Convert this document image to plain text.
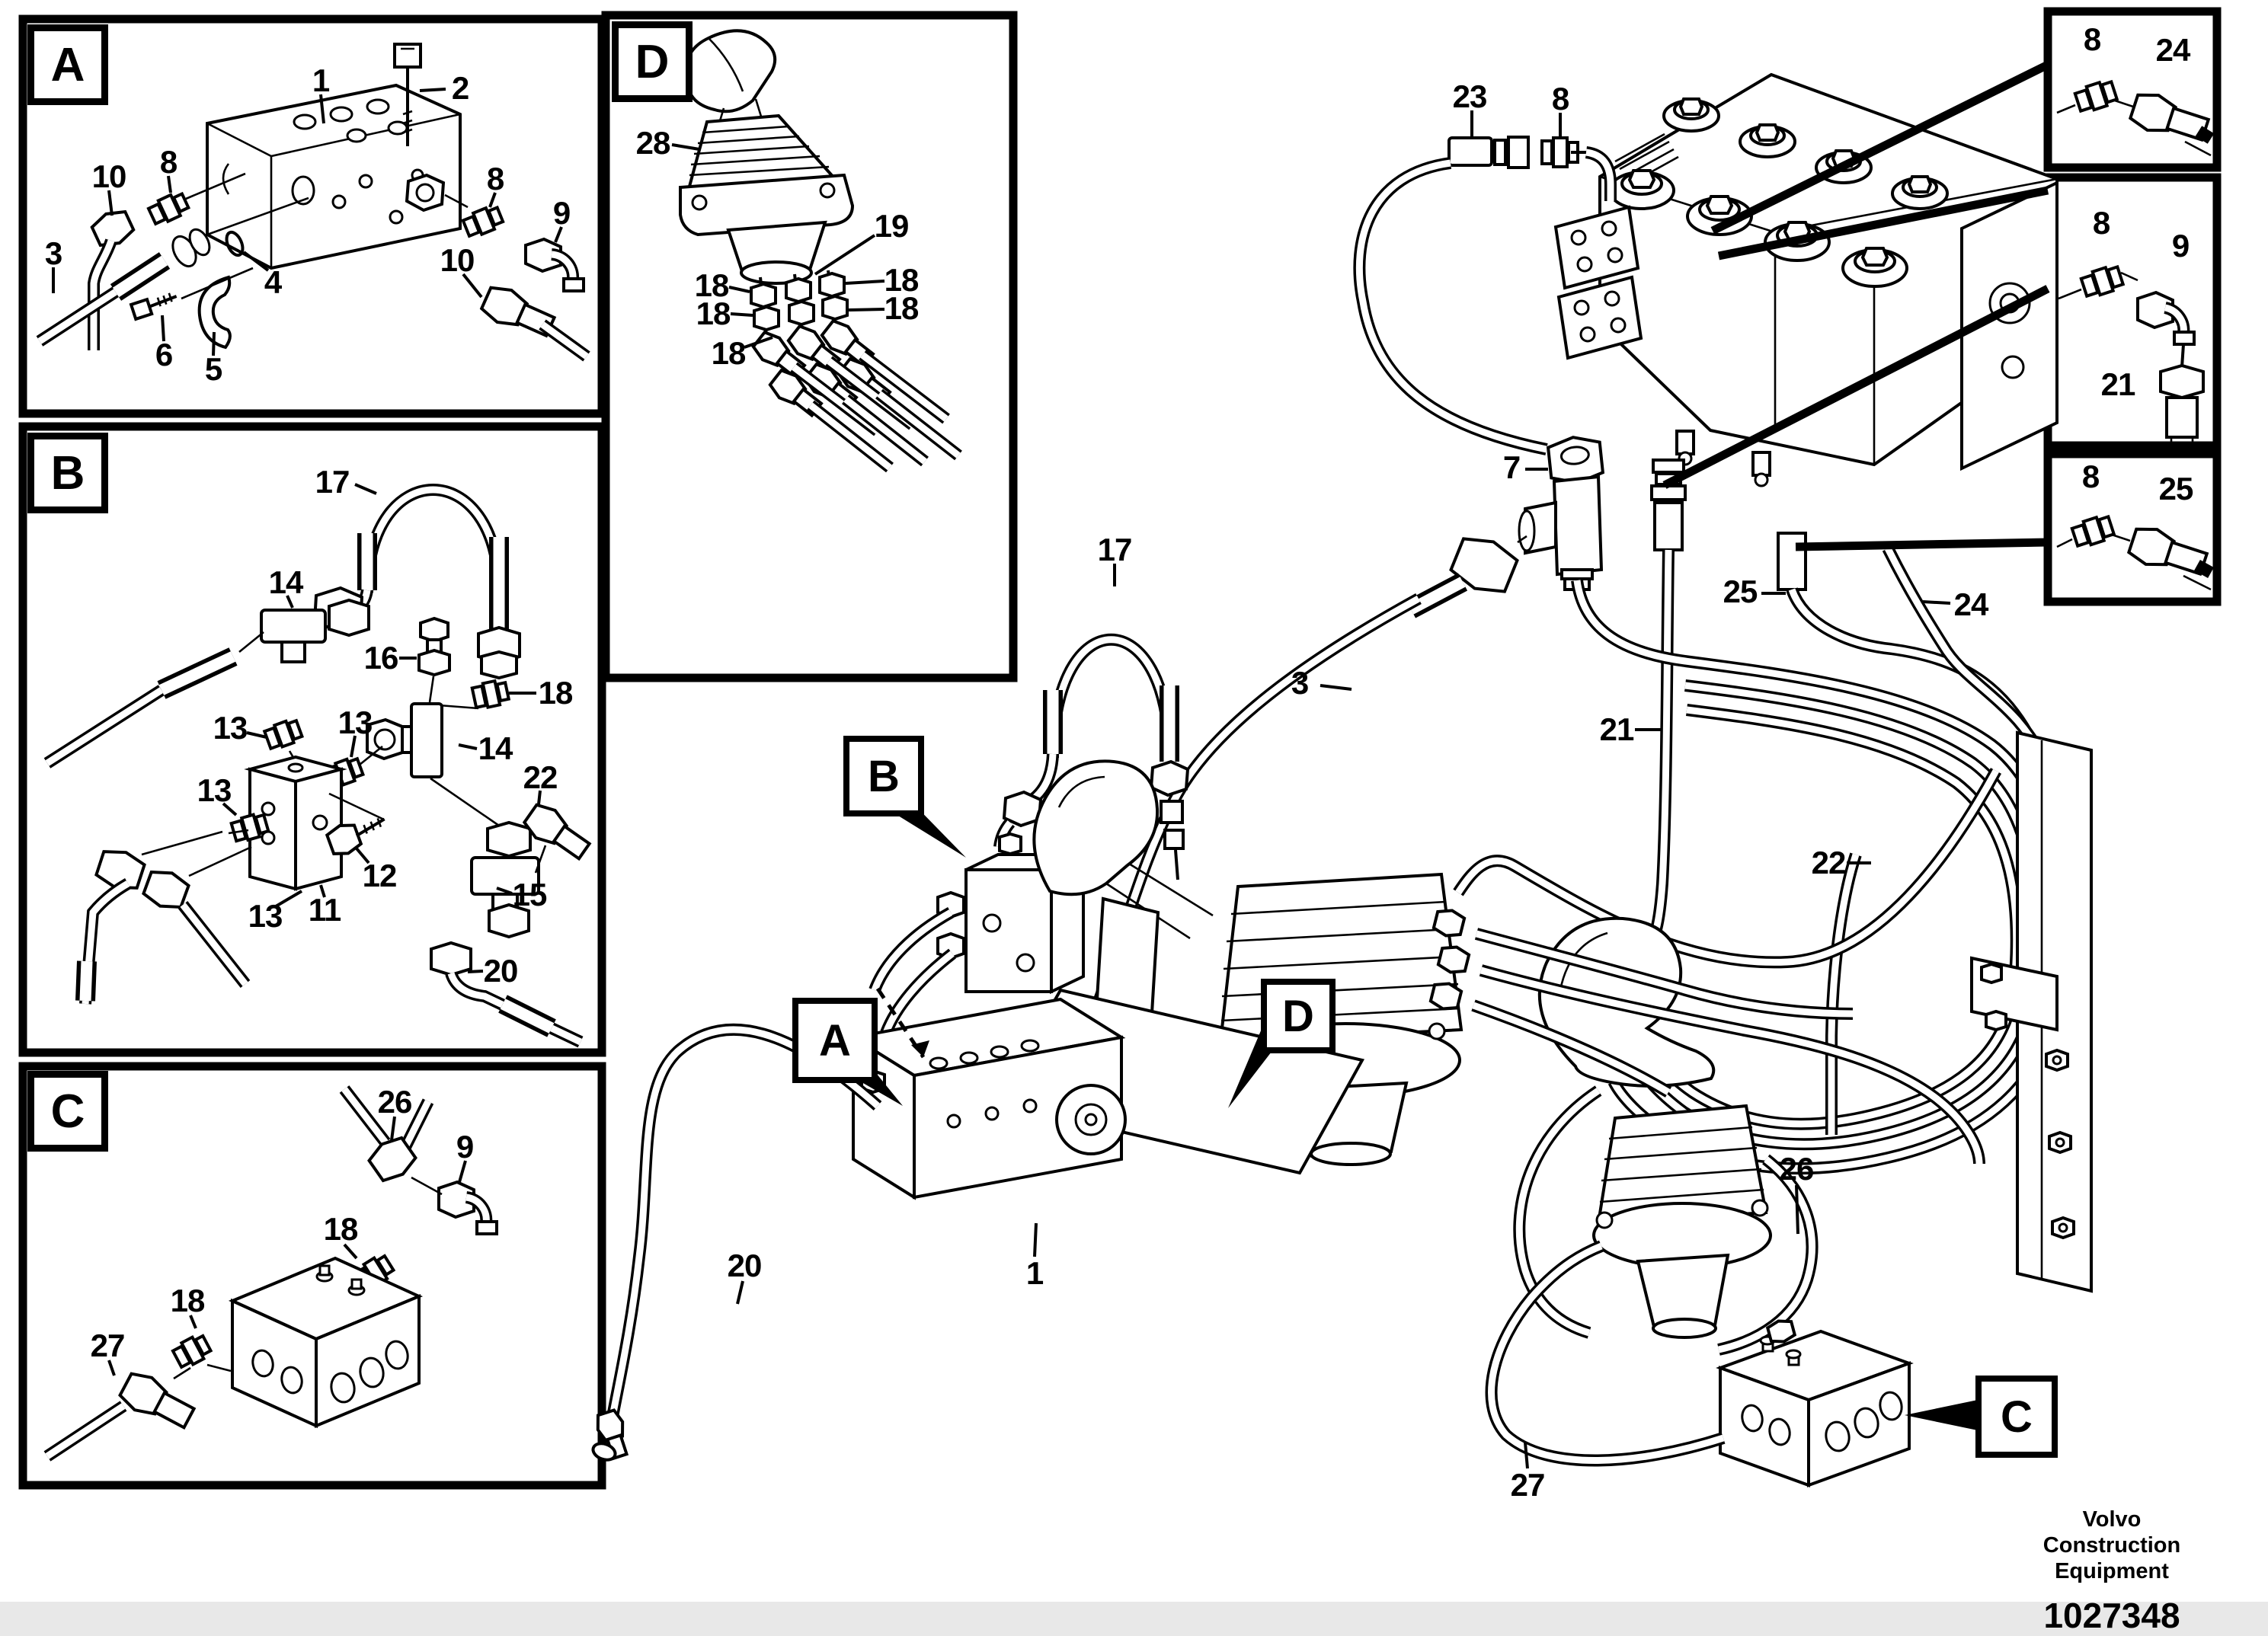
1	2
10 8
3
4
6 5
8
9
10
17
14
16
18
13	13
14
22
13
12
11	15
13
20
26
9
18
18
27
28
19
18
18
18
18
18
23 8
7
17
3
25	24
21
22
26
1
20
27
8 24
8
9
21
8 25
A
B
C
D
B
A	D
C
Volvo Construction
Equipment
1027348
